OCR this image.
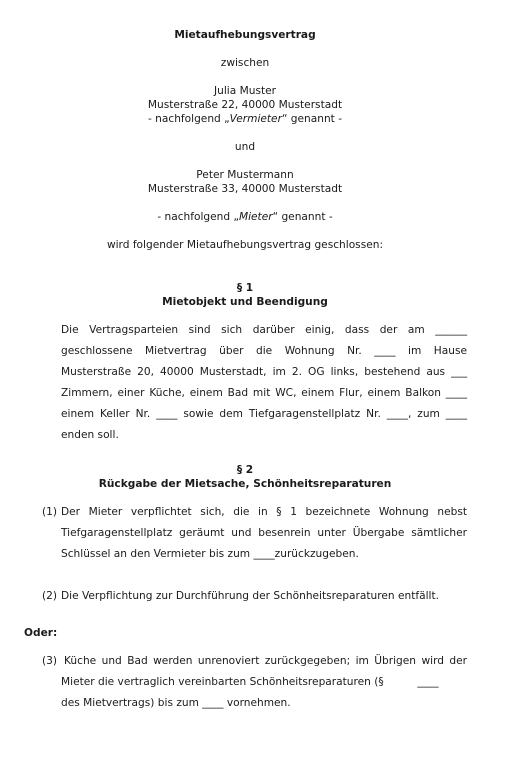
Mietaufhebungsvertrag
zwischen
Julia Muster
Musterstraße 22, 40000 Musterstadt
- nachfolgend „Vermieter“ genannt -
und
Peter Mustermann
Musterstraße 33, 40000 Musterstadt
- nachfolgend „Mieter“ genannt -
wird folgender Mietaufhebungsvertrag geschlossen:
§ 1
Mietobjekt und Beendigung
Die Vertragsparteien sind sich darüber einig, dass der am ______
geschlossene Mietvertrag über die Wohnung Nr. ____ im Hause
Musterstraße 20, 40000 Musterstadt, im 2. OG links, bestehend aus ___
Zimmern, einer Küche, einem Bad mit WC, einem Flur, einem Balkon ____
einem Keller Nr. ____ sowie dem Tiefgaragenstellplatz Nr. ____, zum ____
enden soll.
§ 2
Rückgabe der Mietsache, Schönheitsreparaturen
(1) Der Mieter verpflichtet sich, die in § 1 bezeichnete Wohnung nebst
Tiefgaragenstellplatz geräumt und besenrein unter Übergabe sämtlicher
Schlüssel an den Vermieter bis zum ____zurückzugeben.
(2) Die Verpflichtung zur Durchführung der Schönheitsreparaturen entfällt.
Oder:
(3) Küche und Bad werden unrenoviert zurückgegeben; im Übrigen wird der
Mieter die vertraglich vereinbarten Schönheitsreparaturen (§          ____
des Mietvertrags) bis zum ____ vornehmen.
